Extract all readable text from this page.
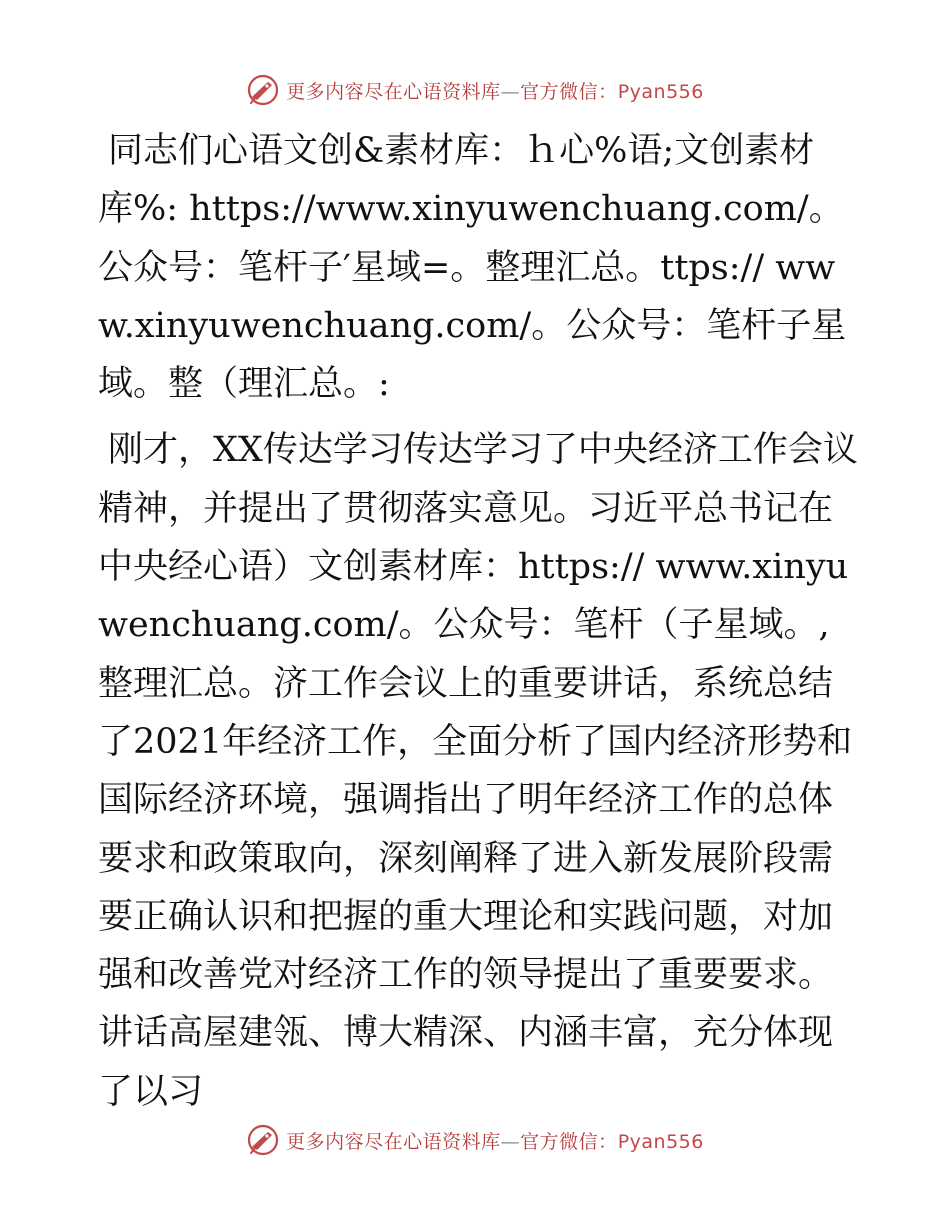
更多内容尽在心语资料库—官方微信：Pyan556

同志们心语文创&素材库：ｈ心%语;文创素材库%: https://www.xinyuwenchuang.com/。公众号：笔杆子′星域=。整理汇总。ttps:// www.xinyuwenchuang.com/。公众号：笔杆子星域。整（理汇总。:

刚才，XX传达学习传达学习了中央经济工作会议精神，并提出了贯彻落实意见。习近平总书记在中央经心语）文创素材库：https:// www.xinyuwenchuang.com/。公众号：笔杆（子星域。,整理汇总。济工作会议上的重要讲话，系统总结了2021年经济工作，全面分析了国内经济形势和国际经济环境，强调指出了明年经济工作的总体要求和政策取向，深刻阐释了进入新发展阶段需要正确认识和把握的重大理论和实践问题，对加强和改善党对经济工作的领导提出了重要要求。讲话高屋建瓴、博大精深、内涵丰富，充分体现了以习

更多内容尽在心语资料库—官方微信：Pyan556
